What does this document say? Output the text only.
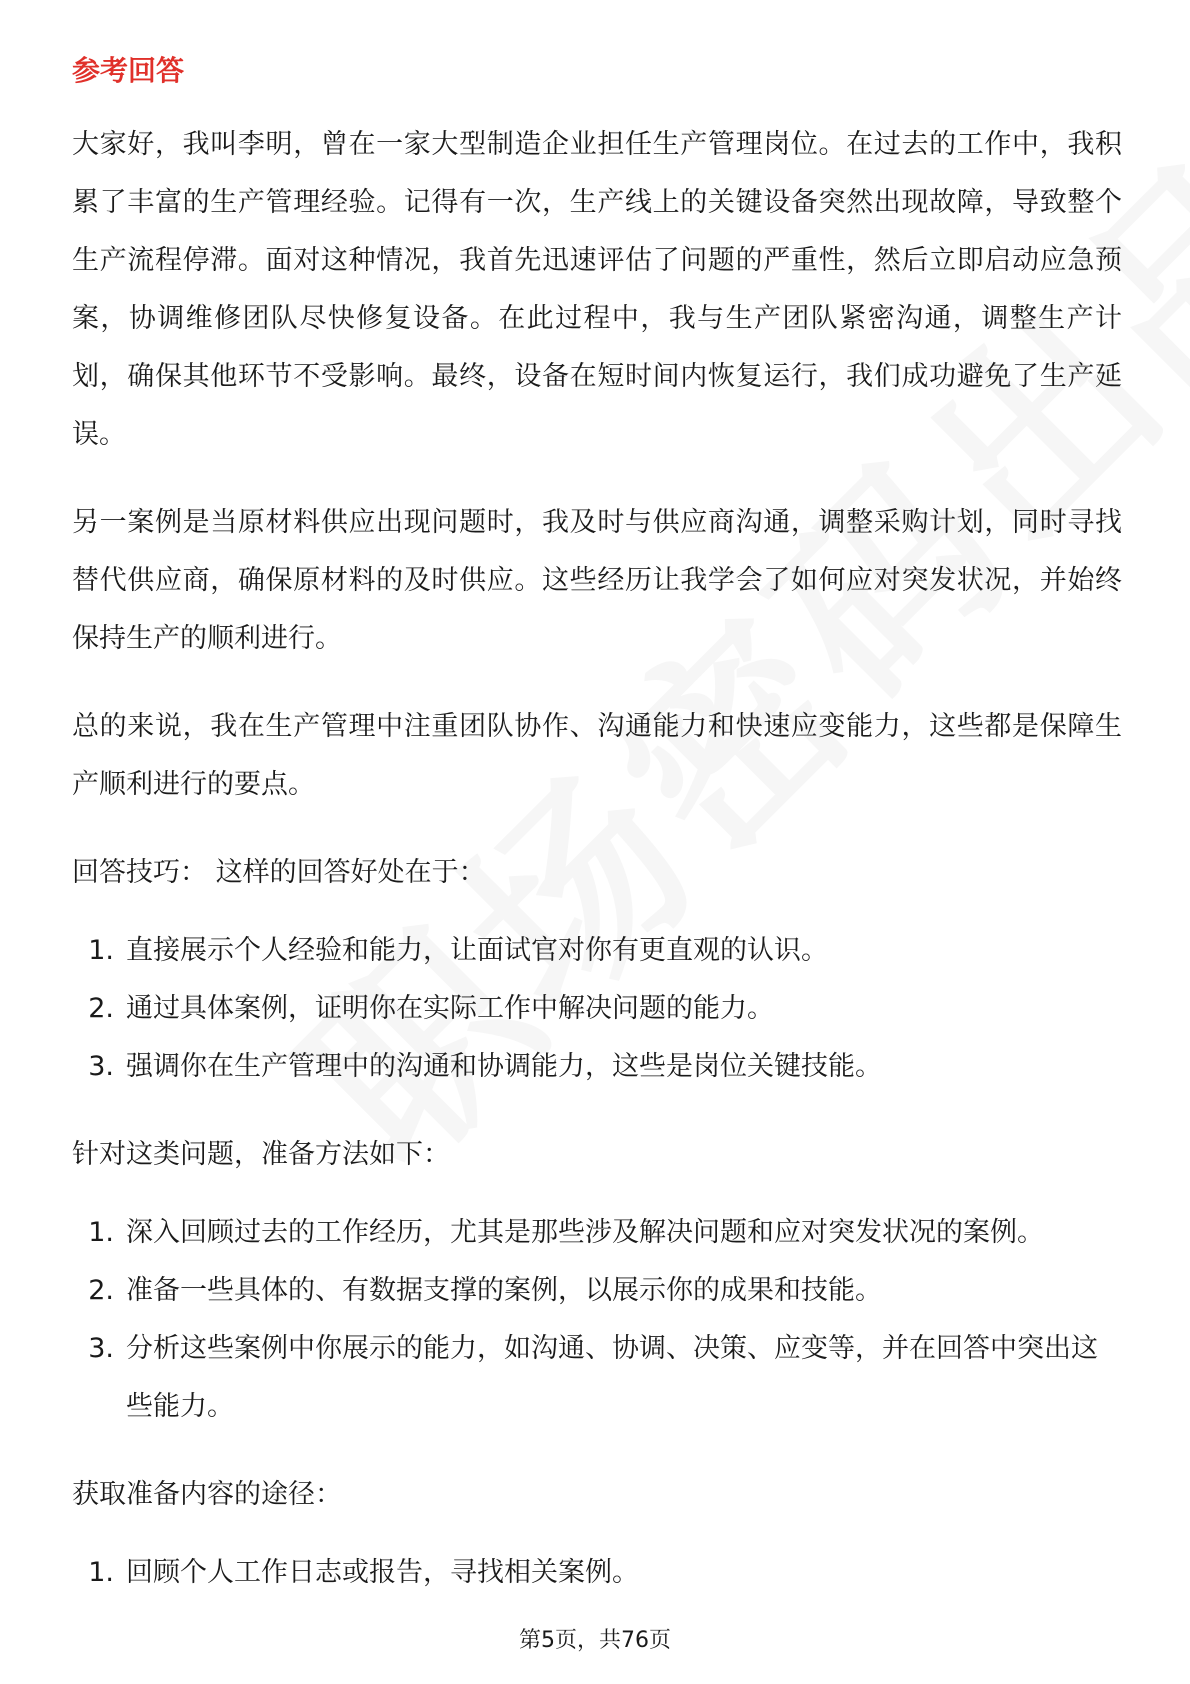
参考回答

大家好，我叫李明，曾在一家大型制造企业担任生产管理岗位。在过去的工作中，我积累了丰富的生产管理经验。记得有一次，生产线上的关键设备突然出现故障，导致整个生产流程停滞。面对这种情况，我首先迅速评估了问题的严重性，然后立即启动应急预案，协调维修团队尽快修复设备。在此过程中，我与生产团队紧密沟通，调整生产计划，确保其他环节不受影响。最终，设备在短时间内恢复运行，我们成功避免了生产延误。

另一案例是当原材料供应出现问题时，我及时与供应商沟通，调整采购计划，同时寻找替代供应商，确保原材料的及时供应。这些经历让我学会了如何应对突发状况，并始终保持生产的顺利进行。

总的来说，我在生产管理中注重团队协作、沟通能力和快速应变能力，这些都是保障生产顺利进行的要点。

回答技巧： 这样的回答好处在于：
1. 直接展示个人经验和能力，让面试官对你有更直观的认识。
2. 通过具体案例，证明你在实际工作中解决问题的能力。
3. 强调你在生产管理中的沟通和协调能力，这些是岗位关键技能。
针对这类问题，准备方法如下：
1. 深入回顾过去的工作经历，尤其是那些涉及解决问题和应对突发状况的案例。
2. 准备一些具体的、有数据支撑的案例，以展示你的成果和技能。
3. 分析这些案例中你展示的能力，如沟通、协调、决策、应变等，并在回答中突出这些能力。
获取准备内容的途径：
1. 回顾个人工作日志或报告，寻找相关案例。
第5页，共76页
